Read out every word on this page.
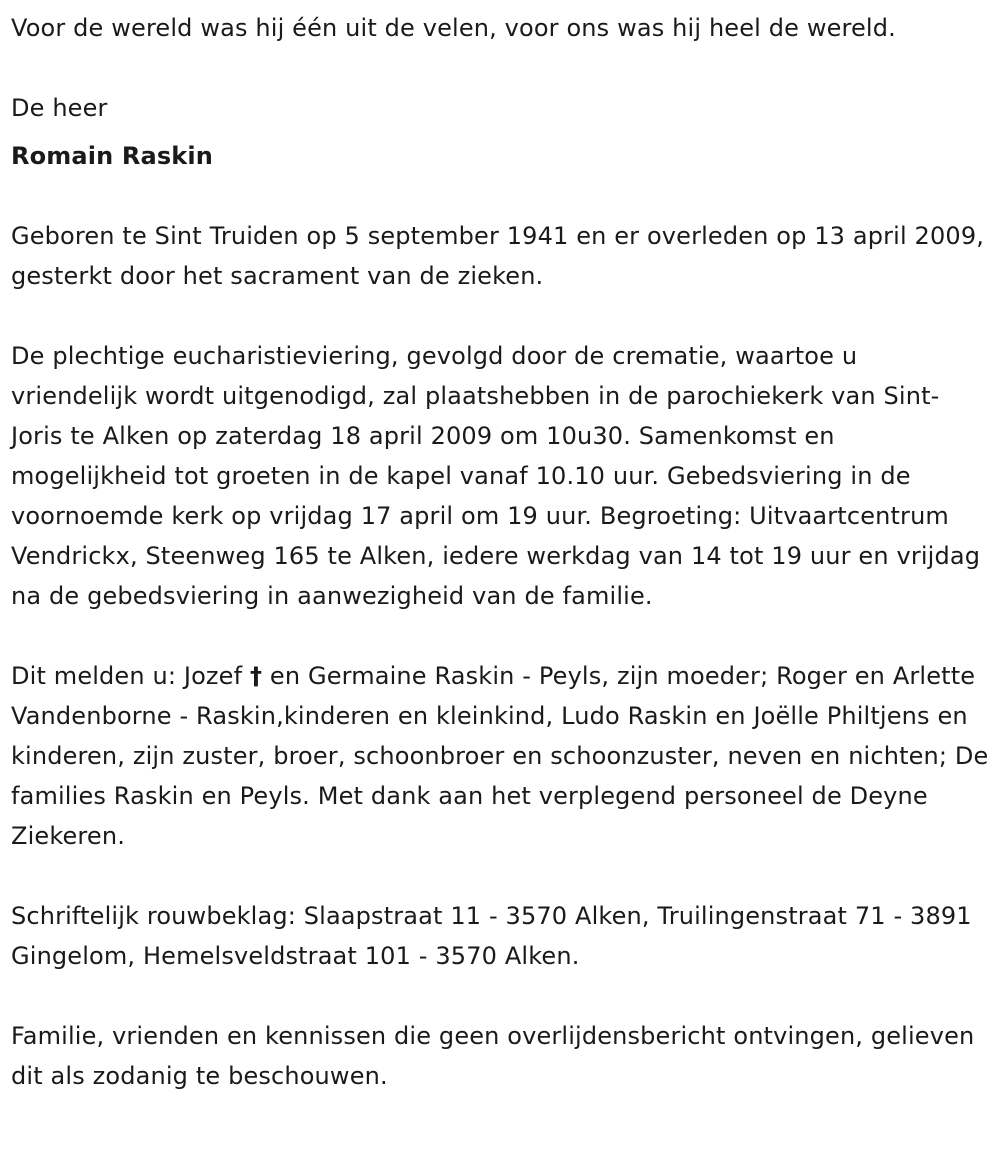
Voor de wereld was hij één uit de velen, voor ons was hij heel de wereld.

De heer

Romain Raskin

Geboren te Sint Truiden op 5 september 1941 en er overleden op 13 april 2009, gesterkt door het sacrament van de zieken.

De plechtige eucharistieviering, gevolgd door de crematie, waartoe u vriendelijk wordt uitgenodigd, zal plaatshebben in de parochiekerk van Sint-Joris te Alken op zaterdag 18 april 2009 om 10u30. Samenkomst en mogelijkheid tot groeten in de kapel vanaf 10.10 uur. Gebedsviering in de voornoemde kerk op vrijdag 17 april om 19 uur. Begroeting: Uitvaartcentrum Vendrickx, Steenweg 165 te Alken, iedere werkdag van 14 tot 19 uur en vrijdag na de gebedsviering in aanwezigheid van de familie.

Dit melden u: Jozef † en Germaine Raskin - Peyls, zijn moeder; Roger en Arlette Vandenborne - Raskin,kinderen en kleinkind, Ludo Raskin en Joëlle Philtjens en kinderen, zijn zuster, broer, schoonbroer en schoonzuster, neven en nichten; De families Raskin en Peyls. Met dank aan het verplegend personeel de Deyne Ziekeren.

Schriftelijk rouwbeklag: Slaapstraat 11 - 3570 Alken, Truilingenstraat 71 - 3891 Gingelom, Hemelsveldstraat 101 - 3570 Alken.

Familie, vrienden en kennissen die geen overlijdensbericht ontvingen, gelieven dit als zodanig te beschouwen.
